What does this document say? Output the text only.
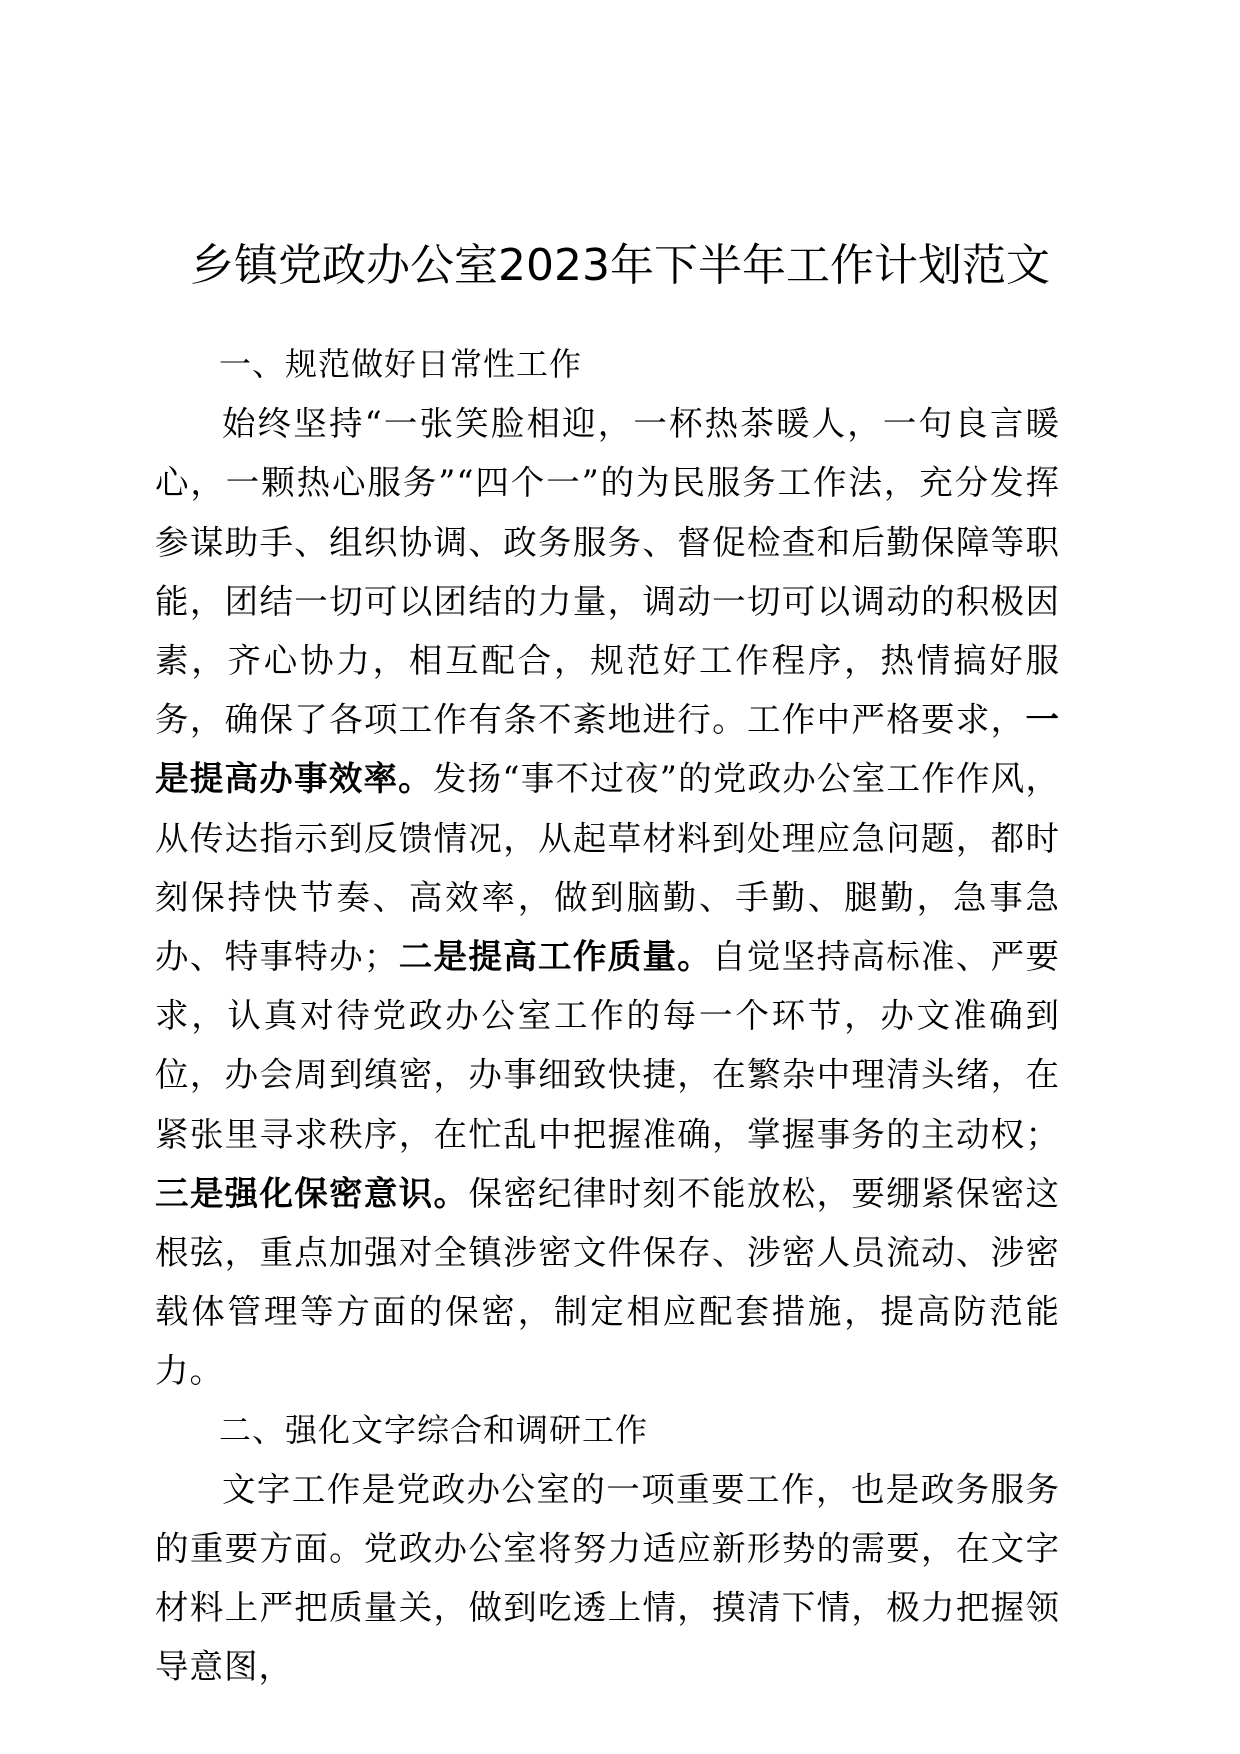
乡镇党政办公室2023年下半年工作计划范文
一、规范做好日常性工作

始终坚持“一张笑脸相迎，一杯热茶暖人，一句良言暖心，一颗热心服务”“四个一”的为民服务工作法，充分发挥参谋助手、组织协调、政务服务、督促检查和后勤保障等职能，团结一切可以团结的力量，调动一切可以调动的积极因素，齐心协力，相互配合，规范好工作程序，热情搞好服务，确保了各项工作有条不紊地进行。工作中严格要求，一是提高办事效率。发扬“事不过夜”的党政办公室工作作风，从传达指示到反馈情况，从起草材料到处理应急问题，都时刻保持快节奏、高效率，做到脑勤、手勤、腿勤，急事急办、特事特办；二是提高工作质量。自觉坚持高标准、严要求，认真对待党政办公室工作的每一个环节，办文准确到位，办会周到缜密，办事细致快捷，在繁杂中理清头绪，在紧张里寻求秩序，在忙乱中把握准确，掌握事务的主动权；三是强化保密意识。保密纪律时刻不能放松，要绷紧保密这根弦，重点加强对全镇涉密文件保存、涉密人员流动、涉密载体管理等方面的保密，制定相应配套措施，提高防范能力。

二、强化文字综合和调研工作

文字工作是党政办公室的一项重要工作，也是政务服务的重要方面。党政办公室将努力适应新形势的需要，在文字材料上严把质量关，做到吃透上情，摸清下情，极力把握领导意图，
